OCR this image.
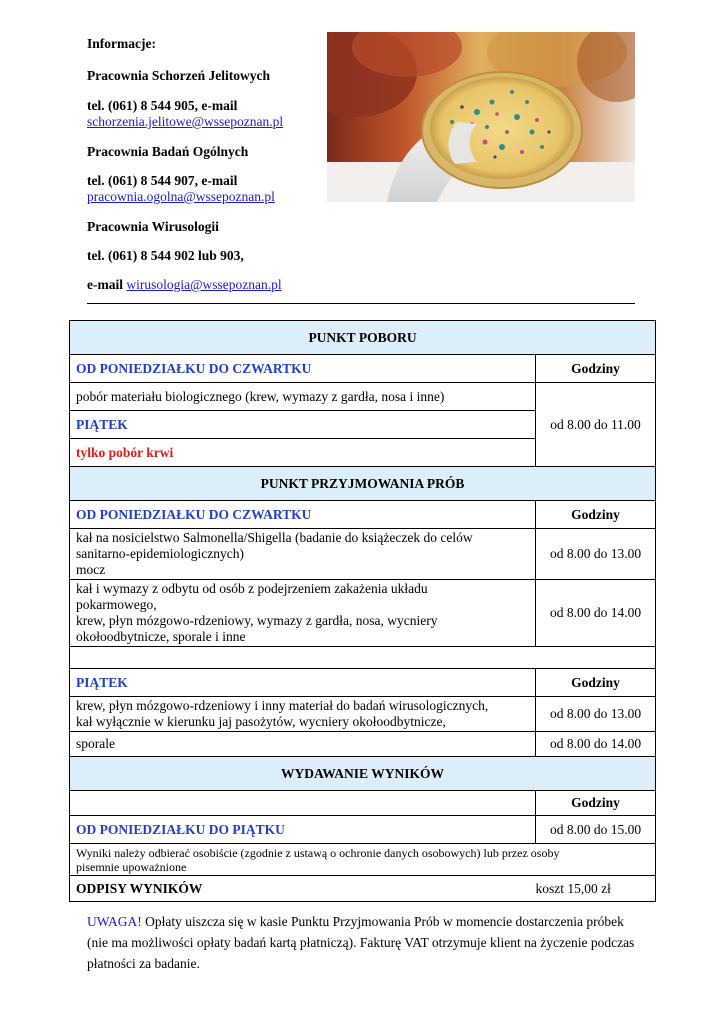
Informacje:
Pracownia Schorzeń Jelitowych
tel. (061) 8 544 905, e-mail
schorzenia.jelitowe@wssepoznan.pl
Pracownia Badań Ogólnych
tel. (061) 8 544 907, e-mail
pracownia.ogolna@wssepoznan.pl
Pracownia Wirusologii
tel. (061) 8 544 902 lub 903,
e-mail wirusologia@wssepoznan.pl
PUNKT POBORU	
OD PONIEDZIAŁKU DO CZWARTKU	Godziny
pobór materiału biologicznego (krew, wymazy z gardła, nosa i inne)	od 8.00 do 11.00
PIĄTEK	
tylko pobór krwi	
PUNKT PRZYJMOWANIA PRÓB	
OD PONIEDZIAŁKU DO CZWARTKU	Godziny

kał na nosicielstwo Salmonella/Shigella (badanie do książeczek do celów
sanitarno-epidemiologicznych)
mocz	od 8.00 do 13.00

kał i wymazy z odbytu od osób z podejrzeniem zakażenia układu
pokarmowego,
krew, płyn mózgowo-rdzeniowy, wymazy z gardła, nosa, wycniery
okołoodbytnicze, sporale i inne	od 8.00 do 14.00

PIĄTEK	Godziny

krew, płyn mózgowo-rdzeniowy i inny materiał do badań wirusologicznych,
kał wyłącznie w kierunku jaj pasożytów, wycniery okołoodbytnicze,	od 8.00 do 13.00
sporale	od 8.00 do 14.00
WYDAWANIE WYNIKÓW	
	Godziny
OD PONIEDZIAŁKU DO PIĄTKU	od 8.00 do 15.00

Wyniki należy odbierać osobiście (zgodnie z ustawą o ochronie danych osobowych) lub przez osoby
pisemnie upoważnione	

ODPISY WYNIKÓW	koszt 15,00 zł
UWAGA! Opłaty uiszcza się w kasie Punktu Przyjmowania Prób w momencie dostarczenia próbek (nie ma możliwości opłaty badań kartą płatniczą). Fakturę VAT otrzymuje klient na życzenie podczas płatności za badanie.
